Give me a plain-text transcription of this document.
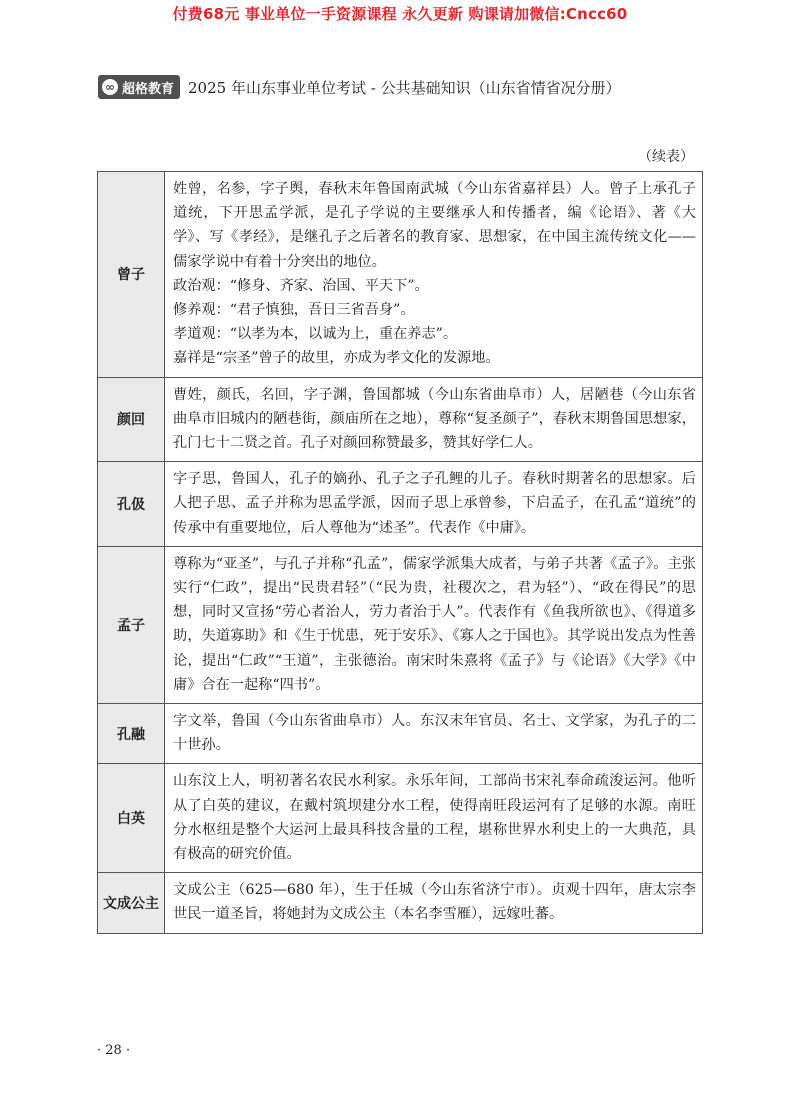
付费68元 事业单位一手资源课程 永久更新 购课请加微信:Cncc60
∞ 超格教育 2025 年山东事业单位考试 - 公共基础知识（山东省情省况分册）
（续表）
曾子	姓曾，名参，字子舆，春秋末年鲁国南武城（今山东省嘉祥县）人。曾子上承孔子道统，下开思孟学派，是孔子学说的主要继承人和传播者，编《论语》、著《大学》、写《孝经》，是继孔子之后著名的教育家、思想家，在中国主流传统文化——儒家学说中有着十分突出的地位。

政治观：“修身、齐家、治国、平天下”。

修养观：“君子慎独，吾日三省吾身”。

孝道观：“以孝为本，以诚为上，重在养志”。

嘉祥是“宗圣”曾子的故里，亦成为孝文化的发源地。

颜回	曹姓，颜氏，名回，字子渊，鲁国都城（今山东省曲阜市）人，居陋巷（今山东省曲阜市旧城内的陋巷街，颜庙所在之地），尊称“复圣颜子”，春秋末期鲁国思想家，孔门七十二贤之首。孔子对颜回称赞最多，赞其好学仁人。

孔伋	字子思，鲁国人，孔子的嫡孙、孔子之子孔鲤的儿子。春秋时期著名的思想家。后人把子思、孟子并称为思孟学派，因而子思上承曾参，下启孟子，在孔孟“道统”的传承中有重要地位，后人尊他为“述圣”。代表作《中庸》。

孟子	尊称为“亚圣”，与孔子并称“孔孟”，儒家学派集大成者，与弟子共著《孟子》。主张实行“仁政”，提出“民贵君轻”（“民为贵，社稷次之，君为轻”）、“政在得民”的思想，同时又宣扬“劳心者治人，劳力者治于人”。代表作有《鱼我所欲也》、《得道多助，失道寡助》和《生于忧患，死于安乐》、《寡人之于国也》。其学说出发点为性善论，提出“仁政”“王道”，主张德治。南宋时朱熹将《孟子》与《论语》《大学》《中庸》合在一起称“四书”。

孔融	字文举，鲁国（今山东省曲阜市）人。东汉末年官员、名士、文学家，为孔子的二十世孙。

白英	山东汶上人，明初著名农民水利家。永乐年间，工部尚书宋礼奉命疏浚运河。他听从了白英的建议，在戴村筑坝建分水工程，使得南旺段运河有了足够的水源。南旺分水枢纽是整个大运河上最具科技含量的工程，堪称世界水利史上的一大典范，具有极高的研究价值。

文成公主	文成公主（625—680 年），生于任城（今山东省济宁市）。贞观十四年，唐太宗李世民一道圣旨，将她封为文成公主（本名李雪雁），远嫁吐蕃。

· 28 ·
